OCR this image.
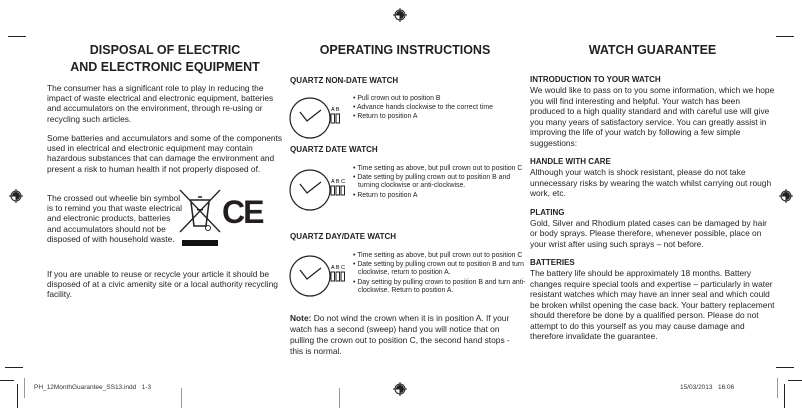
DISPOSAL OF ELECTRIC
AND ELECTRONIC EQUIPMENT
The consumer has a significant role to play in reducing the impact of waste electrical and electronic equipment, batteries and accumulators on the environment, through re-using or recycling such articles.
Some batteries and accumulators and some of the components used in electrical and electronic equipment may contain hazardous substances that can damage the environment and present a risk to human health if not properly disposed of.
The crossed out wheelie bin symbol is to remind you that waste electrical and electronic products, batteries and accumulators should not be disposed of with household waste.
CE
If you are unable to reuse or recycle your article it should be disposed of at a civic amenity site or a local authority recycling facility.
OPERATING INSTRUCTIONS
QUARTZ NON-DATE WATCH
A B
• Pull crown out to position B
• Advance hands clockwise to the correct time
• Return to position A
QUARTZ DATE WATCH
A B C
• Time setting as above, but pull crown out to position C
• Date setting by pulling crown out to position B and turning clockwise or anti-clockwise.
• Return to position A
QUARTZ DAY/DATE WATCH
A B C
• Time setting as above, but pull crown out to position C
• Date setting by pulling crown out to position B and turn clockwise, return to position A.
• Day setting by pulling crown to position B and turn anti-clockwise. Return to position A.
Note: Do not wind the crown when it is in position A. If your watch has a second (sweep) hand you will notice that on pulling the crown out to position C, the second hand stops - this is normal.
WATCH GUARANTEE
INTRODUCTION TO YOUR WATCH
We would like to pass on to you some information, which we hope you will find interesting and helpful. Your watch has been produced to a high quality standard and with careful use will give you many years of satisfactory service. You can greatly assist in improving the life of your watch by following a few simple suggestions:
HANDLE WITH CARE
Although your watch is shock resistant, please do not take unnecessary risks by wearing the watch whilst carrying out rough work, etc.
PLATING
Gold, Silver and Rhodium plated cases can be damaged by hair or body sprays. Please therefore, whenever possible, place on your wrist after using such sprays – not before.
BATTERIES
The battery life should be approximately 18 months. Battery changes require special tools and expertise – particularly in water resistant watches which may have an inner seal and which could be broken whilst opening the case back. Your battery replacement should therefore be done by a qualified person. Please do not attempt to do this yourself as you may cause damage and therefore invalidate the guarantee.
PH_12MonthGuarantee_SS13.indd   1-3	15/03/2013   16:06
